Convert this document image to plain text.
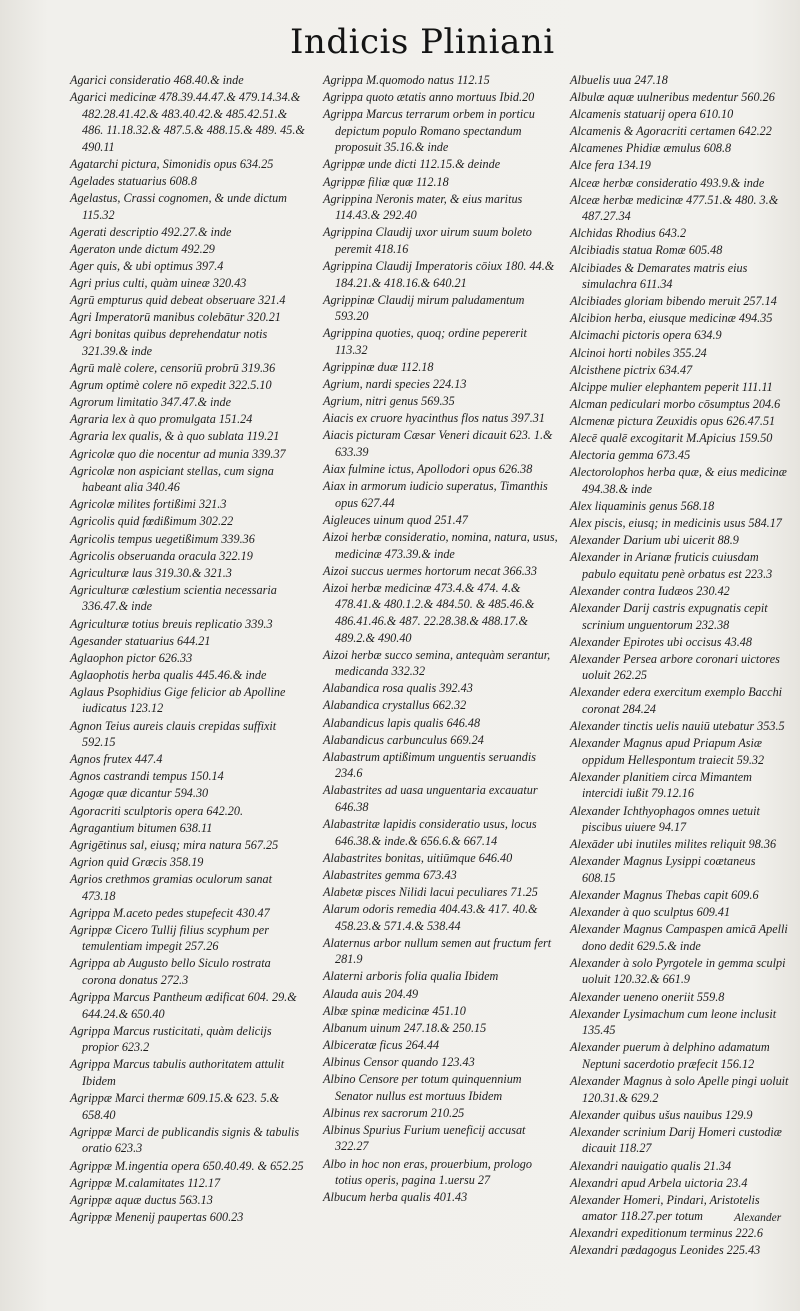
Indicis Pliniani
Agarici consideratio 468.40.& inde
Agarici medicinæ 478.39.44.47.& 479.14.34.& 482.28.41.42.& 483.40.42.& 485.42.51.& 486. 11.18.32.& 487.5.& 488.15.& 489. 45.& 490.11
Agatarchi pictura, Simonidis opus 634.25
Agelades statuarius 608.8
Agelastus, Crassi cognomen, & unde dictum 115.32
Agerati descriptio 492.27.& inde
Ageraton unde dictum 492.29
Ager quis, & ubi optimus 397.4
Agri prius culti, quàm uineæ 320.43
Agrū empturus quid debeat obseruare 321.4
Agri Imperatorū manibus colebātur 320.21
Agri bonitas quibus deprehendatur notis 321.39.& inde
Agrū malè colere, censoriū probrū 319.36
Agrum optimè colere nō expedit 322.5.10
Agrorum limitatio 347.47.& inde
Agraria lex à quo promulgata 151.24
Agraria lex qualis, & à quo sublata 119.21
Agricolæ quo die nocentur ad munia 339.37
Agricolæ non aspiciant stellas, cum signa habeant alia 340.46
Agricolæ milites fortißimi 321.3
Agricolis quid fœdißimum 302.22
Agricolis tempus uegetißimum 339.36
Agricolis obseruanda oracula 322.19
Agriculturæ laus 319.30.& 321.3
Agriculturæ cœlestium scientia necessaria 336.47.& inde
Agriculturæ totius breuis replicatio 339.3
Agesander statuarius 644.21
Aglaophon pictor 626.33
Aglaophotis herba qualis 445.46.& inde
Aglaus Psophidius Gige felicior ab Apolline iudicatus 123.12
Agnon Teius aureis clauis crepidas suffixit 592.15
Agnos frutex 447.4
Agnos castrandi tempus 150.14
Agogæ quæ dicantur 594.30
Agoracriti sculptoris opera 642.20.
Agragantium bitumen 638.11
Agrigētinus sal, eiusq; mira natura 567.25
Agrion quid Græcis 358.19
Agrios crethmos gramias oculorum sanat 473.18
Agrippa M.aceto pedes stupefecit 430.47
Agrippæ Cicero Tullij filius scyphum per temulentiam impegit 257.26
Agrippa ab Augusto bello Siculo rostrata corona donatus 272.3
Agrippa Marcus Pantheum ædificat 604. 29.& 644.24.& 650.40
Agrippa Marcus rusticitati, quàm delicijs propior 623.2
Agrippa Marcus tabulis authoritatem attulit Ibidem
Agrippæ Marci thermæ 609.15.& 623. 5.& 658.40
Agrippæ Marci de publicandis signis & tabulis oratio 623.3
Agrippæ M.ingentia opera 650.40.49. & 652.25
Agrippæ M.calamitates 112.17
Agrippæ aquæ ductus 563.13
Agrippæ Menenij paupertas 600.23
Agrippa M.quomodo natus 112.15
Agrippa quoto ætatis anno mortuus Ibid.20
Agrippa Marcus terrarum orbem in porticu depictum populo Romano spectandum proposuit 35.16.& inde
Agrippæ unde dicti 112.15.& deinde
Agrippæ filiæ quæ 112.18
Agrippina Neronis mater, & eius maritus 114.43.& 292.40
Agrippina Claudij uxor uirum suum boleto peremit 418.16
Agrippina Claudij Imperatoris cōiux 180. 44.& 184.21.& 418.16.& 640.21
Agrippinæ Claudij mirum paludamentum 593.20
Agrippina quoties, quoq; ordine pepererit 113.32
Agrippinæ duæ 112.18
Agrium, nardi species 224.13
Agrium, nitri genus 569.35
Aiacis ex cruore hyacinthus flos natus 397.31
Aiacis picturam Cæsar Veneri dicauit 623. 1.& 633.39
Aiax fulmine ictus, Apollodori opus 626.38
Aiax in armorum iudicio superatus, Timanthis opus 627.44
Aigleuces uinum quod 251.47
Aizoi herbæ consideratio, nomina, natura, usus, medicinæ 473.39.& inde
Aizoi succus uermes hortorum necat 366.33
Aizoi herbæ medicinæ 473.4.& 474. 4.& 478.41.& 480.1.2.& 484.50. & 485.46.& 486.41.46.& 487. 22.28.38.& 488.17.& 489.2.& 490.40
Aizoi herbæ succo semina, antequàm serantur, medicanda 332.32
Alabandica rosa qualis 392.43
Alabandica crystallus 662.32
Alabandicus lapis qualis 646.48
Alabandicus carbunculus 669.24
Alabastrum aptißimum unguentis seruandis 234.6
Alabastrites ad uasa unguentaria excauatur 646.38
Alabastritæ lapidis consideratio usus, locus 646.38.& inde.& 656.6.& 667.14
Alabastrites bonitas, uitiūmque 646.40
Alabastrites gemma 673.43
Alabetæ pisces Nilidi lacui peculiares 71.25
Alarum odoris remedia 404.43.& 417. 40.& 458.23.& 571.4.& 538.44
Alaternus arbor nullum semen aut fructum fert 281.9
Alaterni arboris folia qualia Ibidem
Alauda auis 204.49
Albæ spinæ medicinæ 451.10
Albanum uinum 247.18.& 250.15
Albiceratæ ficus 264.44
Albinus Censor quando 123.43
Albino Censore per totum quinquennium Senator nullus est mortuus Ibidem
Albinus rex sacrorum 210.25
Albinus Spurius Furium ueneficij accusat 322.27
Albo in hoc non eras, prouerbium, prologo totius operis, pagina 1.uersu 27
Albucum herba qualis 401.43
Albuelis uua 247.18
Albulæ aquæ uulneribus medentur 560.26
Alcamenis statuarij opera 610.10
Alcamenis & Agoracriti certamen 642.22
Alcamenes Phidiæ æmulus 608.8
Alce fera 134.19
Alceæ herbæ consideratio 493.9.& inde
Alceæ herbæ medicinæ 477.51.& 480. 3.& 487.27.34
Alchidas Rhodius 643.2
Alcibiadis statua Romæ 605.48
Alcibiades & Demarates matris eius simulachra 611.34
Alcibiades gloriam bibendo meruit 257.14
Alcibion herba, eiusque medicinæ 494.35
Alcimachi pictoris opera 634.9
Alcinoi horti nobiles 355.24
Alcisthene pictrix 634.47
Alcippe mulier elephantem peperit 111.11
Alcman pediculari morbo cōsumptus 204.6
Alcmenæ pictura Zeuxidis opus 626.47.51
Alecē qualē excogitarit M.Apicius 159.50
Alectoria gemma 673.45
Alectorolophos herba quæ, & eius medicinæ 494.38.& inde
Alex liquaminis genus 568.18
Alex piscis, eiusq; in medicinis usus 584.17
Alexander Darium ubi uicerit 88.9
Alexander in Arianæ fruticis cuiusdam pabulo equitatu penè orbatus est 223.3
Alexander contra Iudæos 230.42
Alexander Darij castris expugnatis cepit scrinium unguentorum 232.38
Alexander Epirotes ubi occisus 43.48
Alexander Persea arbore coronari uictores uoluit 262.25
Alexander edera exercitum exemplo Bacchi coronat 284.24
Alexander tinctis uelis nauiū utebatur 353.5
Alexander Magnus apud Priapum Asiæ oppidum Hellespontum traiecit 59.32
Alexander planitiem circa Mimantem intercidi iußit 79.12.16
Alexander Ichthyophagos omnes uetuit piscibus uiuere 94.17
Alexāder ubi inutiles milites reliquit 98.36
Alexander Magnus Lysippi coætaneus 608.15
Alexander Magnus Thebas capit 609.6
Alexander à quo sculptus 609.41
Alexander Magnus Campaspen amicā Apelli dono dedit 629.5.& inde
Alexander à solo Pyrgotele in gemma sculpi uoluit 120.32.& 661.9
Alexander ueneno oneriit 559.8
Alexander Lysimachum cum leone inclusit 135.45
Alexander puerum à delphino adamatum Neptuni sacerdotio præfecit 156.12
Alexander Magnus à solo Apelle pingi uoluit 120.31.& 629.2
Alexander quibus ušus nauibus 129.9
Alexander scrinium Darij Homeri custodiæ dicauit 118.27
Alexandri nauigatio qualis 21.34
Alexandri apud Arbela uictoria 23.4
Alexander Homeri, Pindari, Aristotelis amator 118.27.per totum
Alexandri expeditionum terminus 222.6
Alexandri pædagogus Leonides 225.43
Alexander
